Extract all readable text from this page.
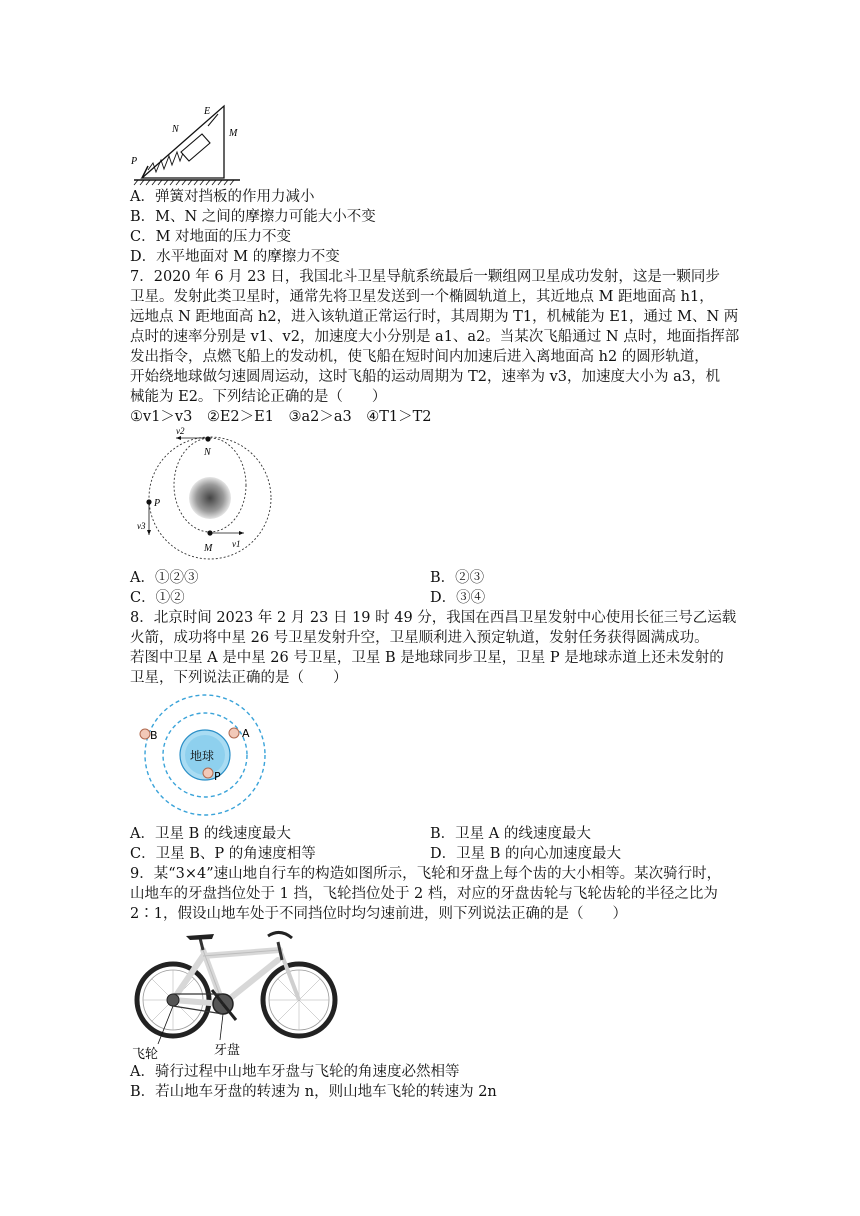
E
N	M
P
A．弹簧对挡板的作用力减小
B．M、N 之间的摩擦力可能大小不变
C．M 对地面的压力不变
D．水平地面对 M 的摩擦力不变
7．2020 年 6 月 23 日，我国北斗卫星导航系统最后一颗组网卫星成功发射，这是一颗同步
卫星。发射此类卫星时，通常先将卫星发送到一个椭圆轨道上，其近地点 M 距地面高 h1，
远地点 N 距地面高 h2，进入该轨道正常运行时，其周期为 T1，机械能为 E1，通过 M、N 两
点时的速率分别是 v1、v2，加速度大小分别是 a1、a2。当某次飞船通过 N 点时，地面指挥部
发出指令，点燃飞船上的发动机，使飞船在短时间内加速后进入离地面高 h2 的圆形轨道，
开始绕地球做匀速圆周运动，这时飞船的运动周期为 T2，速率为 v3，加速度大小为 a3，机
械能为 E2。下列结论正确的是（　　）
①v1＞v3　②E2＞E1　③a2＞a3　④T1＞T2
v2
N
P
v3
M v1
A．①②③	B．②③
C．①②	D．③④
8．北京时间 2023 年 2 月 23 日 19 时 49 分，我国在西昌卫星发射中心使用长征三号乙运载
火箭，成功将中星 26 号卫星发射升空，卫星顺利进入预定轨道，发射任务获得圆满成功。
若图中卫星 A 是中星 26 号卫星，卫星 B 是地球同步卫星，卫星 P 是地球赤道上还未发射的
卫星，下列说法正确的是（　　）
地球
B	A
P
A．卫星 B 的线速度最大	B．卫星 A 的线速度最大
C．卫星 B、P 的角速度相等	D．卫星 B 的向心加速度最大
9．某“3×4”速山地自行车的构造如图所示，飞轮和牙盘上每个齿的大小相等。某次骑行时，
山地车的牙盘挡位处于 1 挡，飞轮挡位处于 2 档，对应的牙盘齿轮与飞轮齿轮的半径之比为
2∶1，假设山地车处于不同挡位时均匀速前进，则下列说法正确的是（　　）
飞轮	牙盘
A．骑行过程中山地车牙盘与飞轮的角速度必然相等
B．若山地车牙盘的转速为 n，则山地车飞轮的转速为 2n
